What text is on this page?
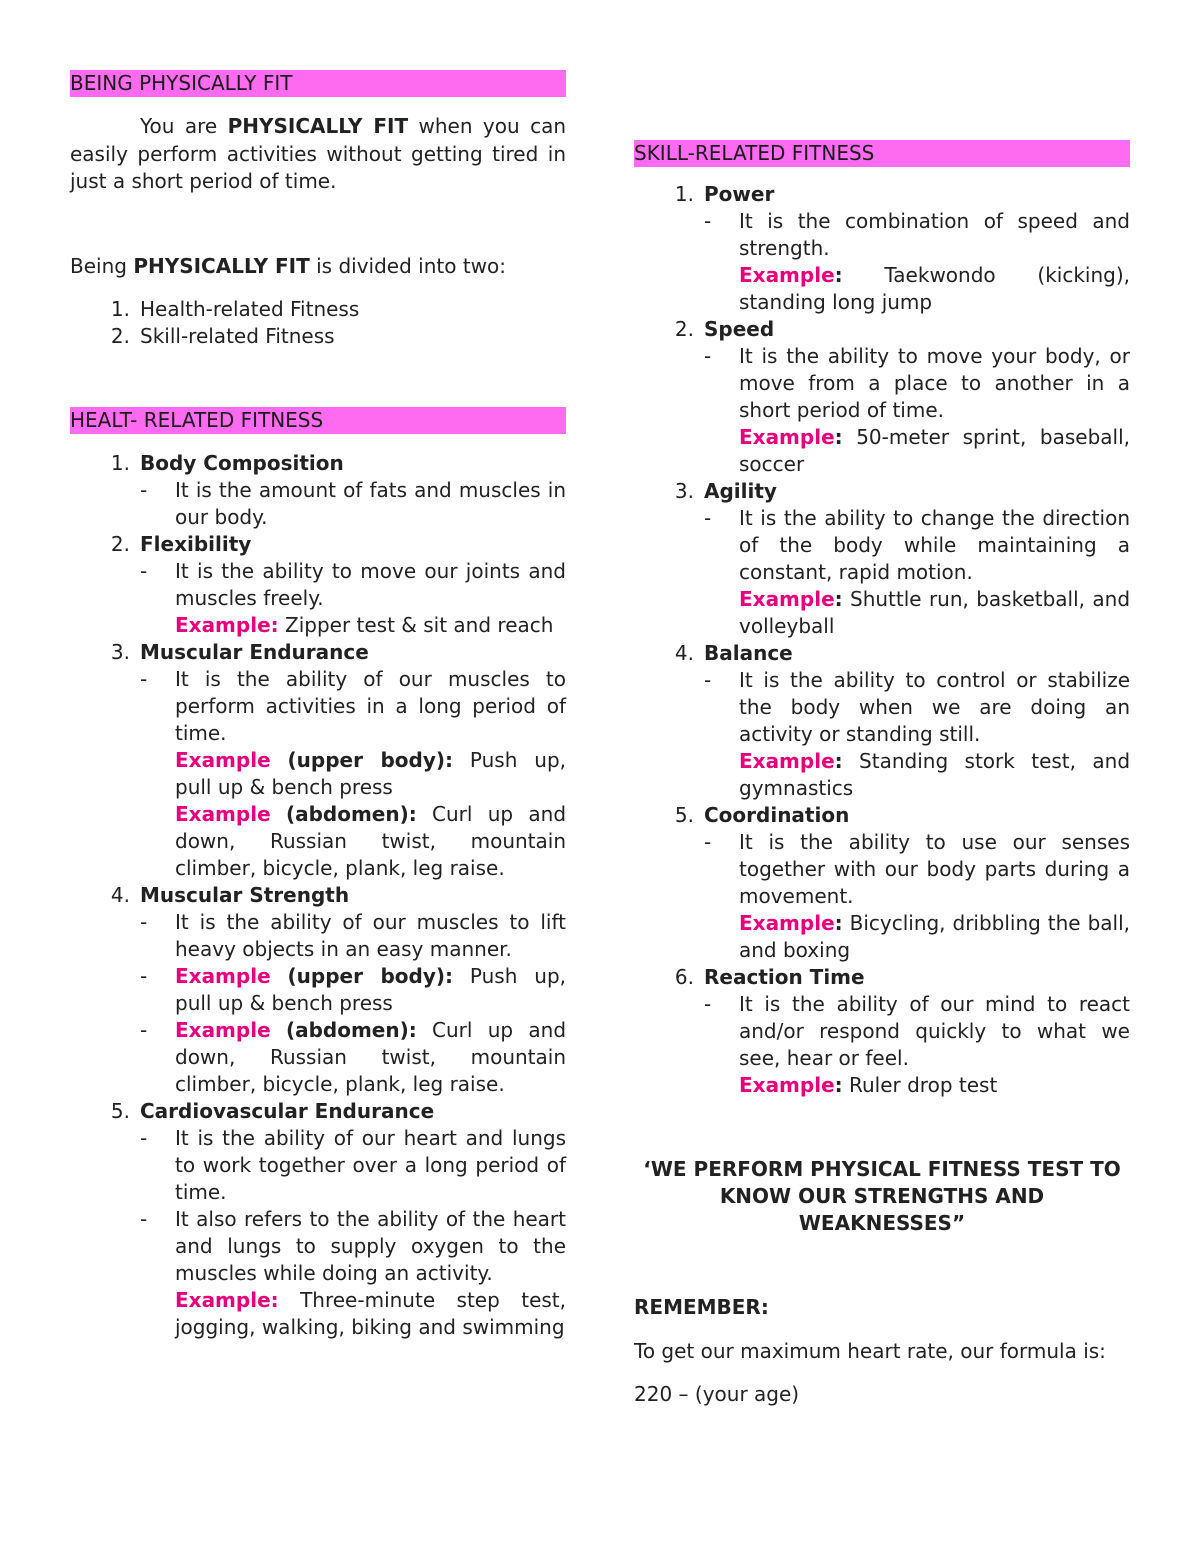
BEING PHYSICALLY FIT

You are PHYSICALLY FIT when you can easily perform activities without getting tired in just a short period of time.

Being PHYSICALLY FIT is divided into two:

1. Health-related Fitness
2. Skill-related Fitness
HEALT- RELATED FITNESS
1. Body Composition
-	It is the amount of fats and muscles in our body.
2. Flexibility
-	It is the ability to move our joints and muscles freely.
Example: Zipper test & sit and reach
3. Muscular Endurance
-	It is the ability of our muscles to perform activities in a long period of time.
Example (upper body): Push up, pull up & bench press
Example (abdomen): Curl up and down, Russian twist, mountain climber, bicycle, plank, leg raise.
4. Muscular Strength
-	It is the ability of our muscles to lift heavy objects in an easy manner.
-	Example (upper body): Push up, pull up & bench press
-	Example (abdomen): Curl up and down, Russian twist, mountain climber, bicycle, plank, leg raise.
5. Cardiovascular Endurance
-	It is the ability of our heart and lungs to work together over a long period of time.
-	It also refers to the ability of the heart and lungs to supply oxygen to the muscles while doing an activity.
Example: Three-minute step test, jogging, walking, biking and swimming
SKILL-RELATED FITNESS
1. Power
-	It is the combination of speed and strength.
Example: Taekwondo (kicking), standing long jump
2. Speed
-	It is the ability to move your body, or move from a place to another in a short period of time.
Example: 50-meter sprint, baseball, soccer
3. Agility
-	It is the ability to change the direction of the body while maintaining a constant, rapid motion.
Example: Shuttle run, basketball, and volleyball
4. Balance
-	It is the ability to control or stabilize the body when we are doing an activity or standing still.
Example: Standing stork test, and gymnastics
5. Coordination
-	It is the ability to use our senses together with our body parts during a movement.
Example: Bicycling, dribbling the ball, and boxing
6. Reaction Time
-	It is the ability of our mind to react and/or respond quickly to what we see, hear or feel.
Example: Ruler drop test
‘WE PERFORM PHYSICAL FITNESS TEST TO KNOW OUR STRENGTHS AND WEAKNESSES”

REMEMBER:

To get our maximum heart rate, our formula is:

220 – (your age)
